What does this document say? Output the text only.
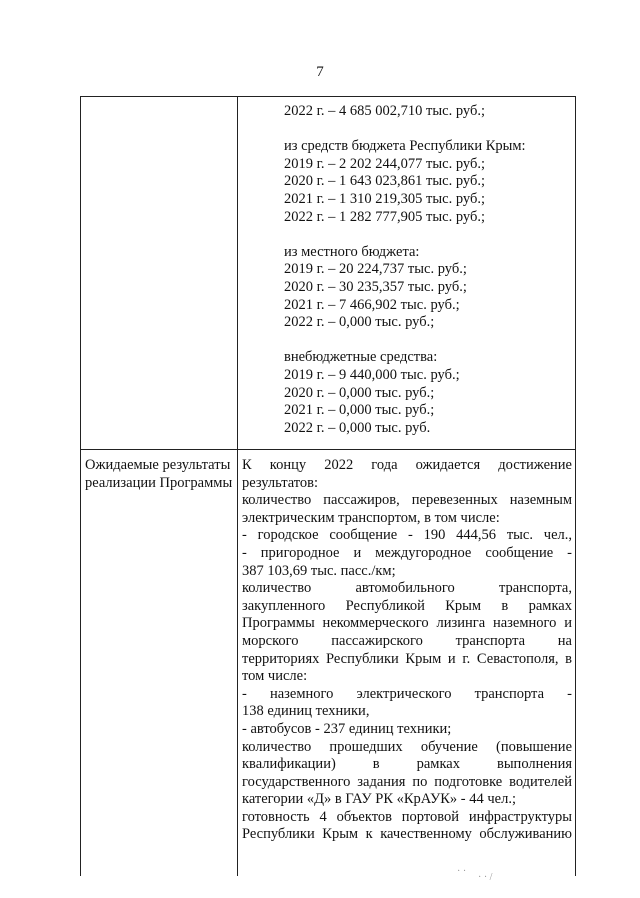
7
2022 г. – 4 685 002,710 тыс. руб.;
из средств бюджета Республики Крым:
2019 г. – 2 202 244,077 тыс. руб.;
2020 г. – 1 643 023,861 тыс. руб.;
2021 г. – 1 310 219,305 тыс. руб.;
2022 г. – 1 282 777,905 тыс. руб.;
из местного бюджета:
2019 г. – 20 224,737 тыс. руб.;
2020 г. – 30 235,357 тыс. руб.;
2021 г. – 7 466,902 тыс. руб.;
2022 г. – 0,000 тыс. руб.;
внебюджетные средства:
2019 г. – 9 440,000 тыс. руб.;
2020 г. – 0,000 тыс. руб.;
2021 г. – 0,000 тыс. руб.;
2022 г. – 0,000 тыс. руб.
Ожидаемые результаты
реализации Программы
К концу 2022 года ожидается достижение
результатов:
количество пассажиров, перевезенных наземным
электрическим транспортом, в том числе:
- городское сообщение - 190 444,56 тыс. чел.,
- пригородное и междугородное сообщение -
387 103,69 тыс. пасс./км;
количество автомобильного транспорта,
закупленного Республикой Крым в рамках
Программы некоммерческого лизинга наземного и
морского пассажирского транспорта на
территориях Республики Крым и г. Севастополя, в
том числе:
- наземного электрического транспорта -
138 единиц техники,
- автобусов - 237 единиц техники;
количество прошедших обучение (повышение
квалификации) в рамках выполнения
государственного задания по подготовке водителей
категории «Д» в ГАУ РК «КрАУК» - 44 чел.;
готовность 4 объектов портовой инфраструктуры
Республики Крым к качественному обслуживанию
· ·
· · /
